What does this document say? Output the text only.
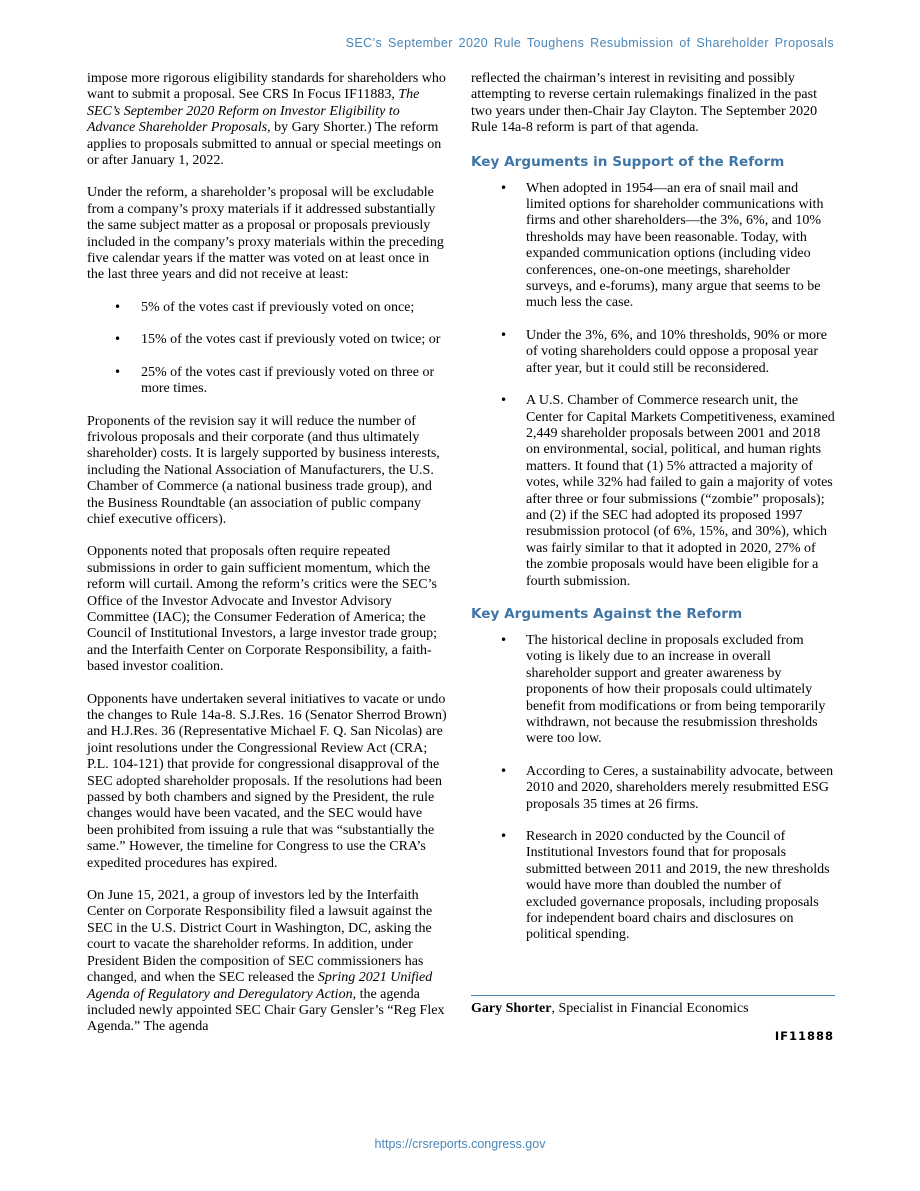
SEC’s September 2020 Rule Toughens Resubmission of Shareholder Proposals

impose more rigorous eligibility standards for shareholders who want to submit a proposal. See CRS In Focus IF11883, The SEC’s September 2020 Reform on Investor Eligibility to Advance Shareholder Proposals, by Gary Shorter.) The reform applies to proposals submitted to annual or special meetings on or after January 1, 2022.

Under the reform, a shareholder’s proposal will be excludable from a company’s proxy materials if it addressed substantially the same subject matter as a proposal or proposals previously included in the company’s proxy materials within the preceding five calendar years if the matter was voted on at least once in the last three years and did not receive at least:

• 5% of the votes cast if previously voted on once;
• 15% of the votes cast if previously voted on twice; or
• 25% of the votes cast if previously voted on three or more times.

Proponents of the revision say it will reduce the number of frivolous proposals and their corporate (and thus ultimately shareholder) costs. It is largely supported by business interests, including the National Association of Manufacturers, the U.S. Chamber of Commerce (a national business trade group), and the Business Roundtable (an association of public company chief executive officers).

Opponents noted that proposals often require repeated submissions in order to gain sufficient momentum, which the reform will curtail. Among the reform’s critics were the SEC’s Office of the Investor Advocate and Investor Advisory Committee (IAC); the Consumer Federation of America; the Council of Institutional Investors, a large investor trade group; and the Interfaith Center on Corporate Responsibility, a faith-based investor coalition.

Opponents have undertaken several initiatives to vacate or undo the changes to Rule 14a-8. S.J.Res. 16 (Senator Sherrod Brown) and H.J.Res. 36 (Representative Michael F. Q. San Nicolas) are joint resolutions under the Congressional Review Act (CRA; P.L. 104-121) that provide for congressional disapproval of the SEC adopted shareholder proposals. If the resolutions had been passed by both chambers and signed by the President, the rule changes would have been vacated, and the SEC would have been prohibited from issuing a rule that was “substantially the same.” However, the timeline for Congress to use the CRA’s expedited procedures has expired.

On June 15, 2021, a group of investors led by the Interfaith Center on Corporate Responsibility filed a lawsuit against the SEC in the U.S. District Court in Washington, DC, asking the court to vacate the shareholder reforms. In addition, under President Biden the composition of SEC commissioners has changed, and when the SEC released the Spring 2021 Unified Agenda of Regulatory and Deregulatory Action, the agenda included newly appointed SEC Chair Gary Gensler’s “Reg Flex Agenda.” The agenda

reflected the chairman’s interest in revisiting and possibly attempting to reverse certain rulemakings finalized in the past two years under then-Chair Jay Clayton. The September 2020 Rule 14a-8 reform is part of that agenda.

Key Arguments in Support of the Reform
• When adopted in 1954—an era of snail mail and limited options for shareholder communications with firms and other shareholders—the 3%, 6%, and 10% thresholds may have been reasonable. Today, with expanded communication options (including video conferences, one-on-one meetings, shareholder surveys, and e-forums), many argue that seems to be much less the case.
• Under the 3%, 6%, and 10% thresholds, 90% or more of voting shareholders could oppose a proposal year after year, but it could still be reconsidered.
• A U.S. Chamber of Commerce research unit, the Center for Capital Markets Competitiveness, examined 2,449 shareholder proposals between 2001 and 2018 on environmental, social, political, and human rights matters. It found that (1) 5% attracted a majority of votes, while 32% had failed to gain a majority of votes after three or four submissions (“zombie” proposals); and (2) if the SEC had adopted its proposed 1997 resubmission protocol (of 6%, 15%, and 30%), which was fairly similar to that it adopted in 2020, 27% of the zombie proposals would have been eligible for a fourth submission.
Key Arguments Against the Reform
• The historical decline in proposals excluded from voting is likely due to an increase in overall shareholder support and greater awareness by proponents of how their proposals could ultimately benefit from modifications or from being temporarily withdrawn, not because the resubmission thresholds were too low.
• According to Ceres, a sustainability advocate, between 2010 and 2020, shareholders merely resubmitted ESG proposals 35 times at 26 firms.
• Research in 2020 conducted by the Council of Institutional Investors found that for proposals submitted between 2011 and 2019, the new thresholds would have more than doubled the number of excluded governance proposals, including proposals for independent board chairs and disclosures on political spending.
Gary Shorter, Specialist in Financial Economics
IF11888
https://crsreports.congress.gov
